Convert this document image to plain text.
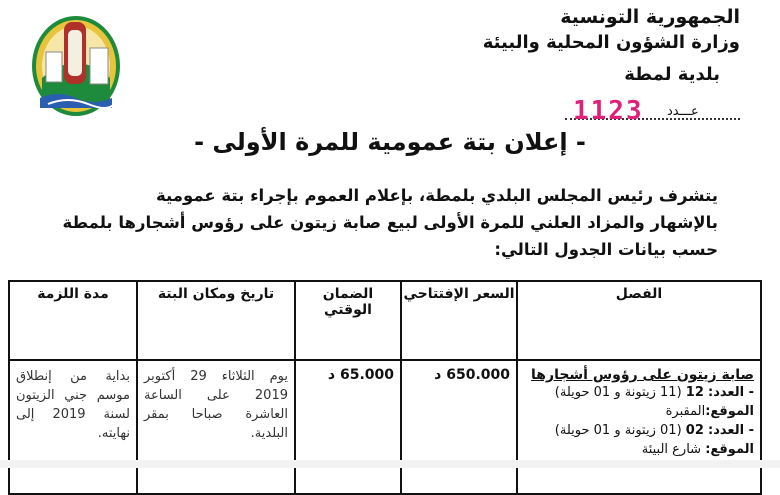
الجمهورية التونسية
وزارة الشؤون المحلية والبيئة
بلدية لمطة
1123 عـــدد
- إعلان بتة عمومية للمرة الأولى -
يتشرف رئيس المجلس البلدي بلمطة، بإعلام العموم بإجراء بتة عمومية
بالإشهار والمزاد العلني للمرة الأولى لبيع صابة زيتون على رؤوس أشجارها بلمطة
حسب بيانات الجدول التالي:
الفصل	السعر الإفتتاحي	الضمان الوقتي	تاريخ ومكان البتة	مدة اللزمة

صابة زيتون على رؤوس أشجارها
- العدد: 12 (11 زيتونة و 01 حويلة)
الموقع:المقبرة
- العدد: 02 (01 زيتونة و 01 حويلة)
الموقع: شارع البيئة	650.000 د	65.000 د	يوم الثلاثاء 29 أكتوبر 2019 على الساعة العاشرة صباحا بمقر البلدية.	بداية من إنطلاق موسم جني الزيتون لسنة 2019 إلى نهايته.
